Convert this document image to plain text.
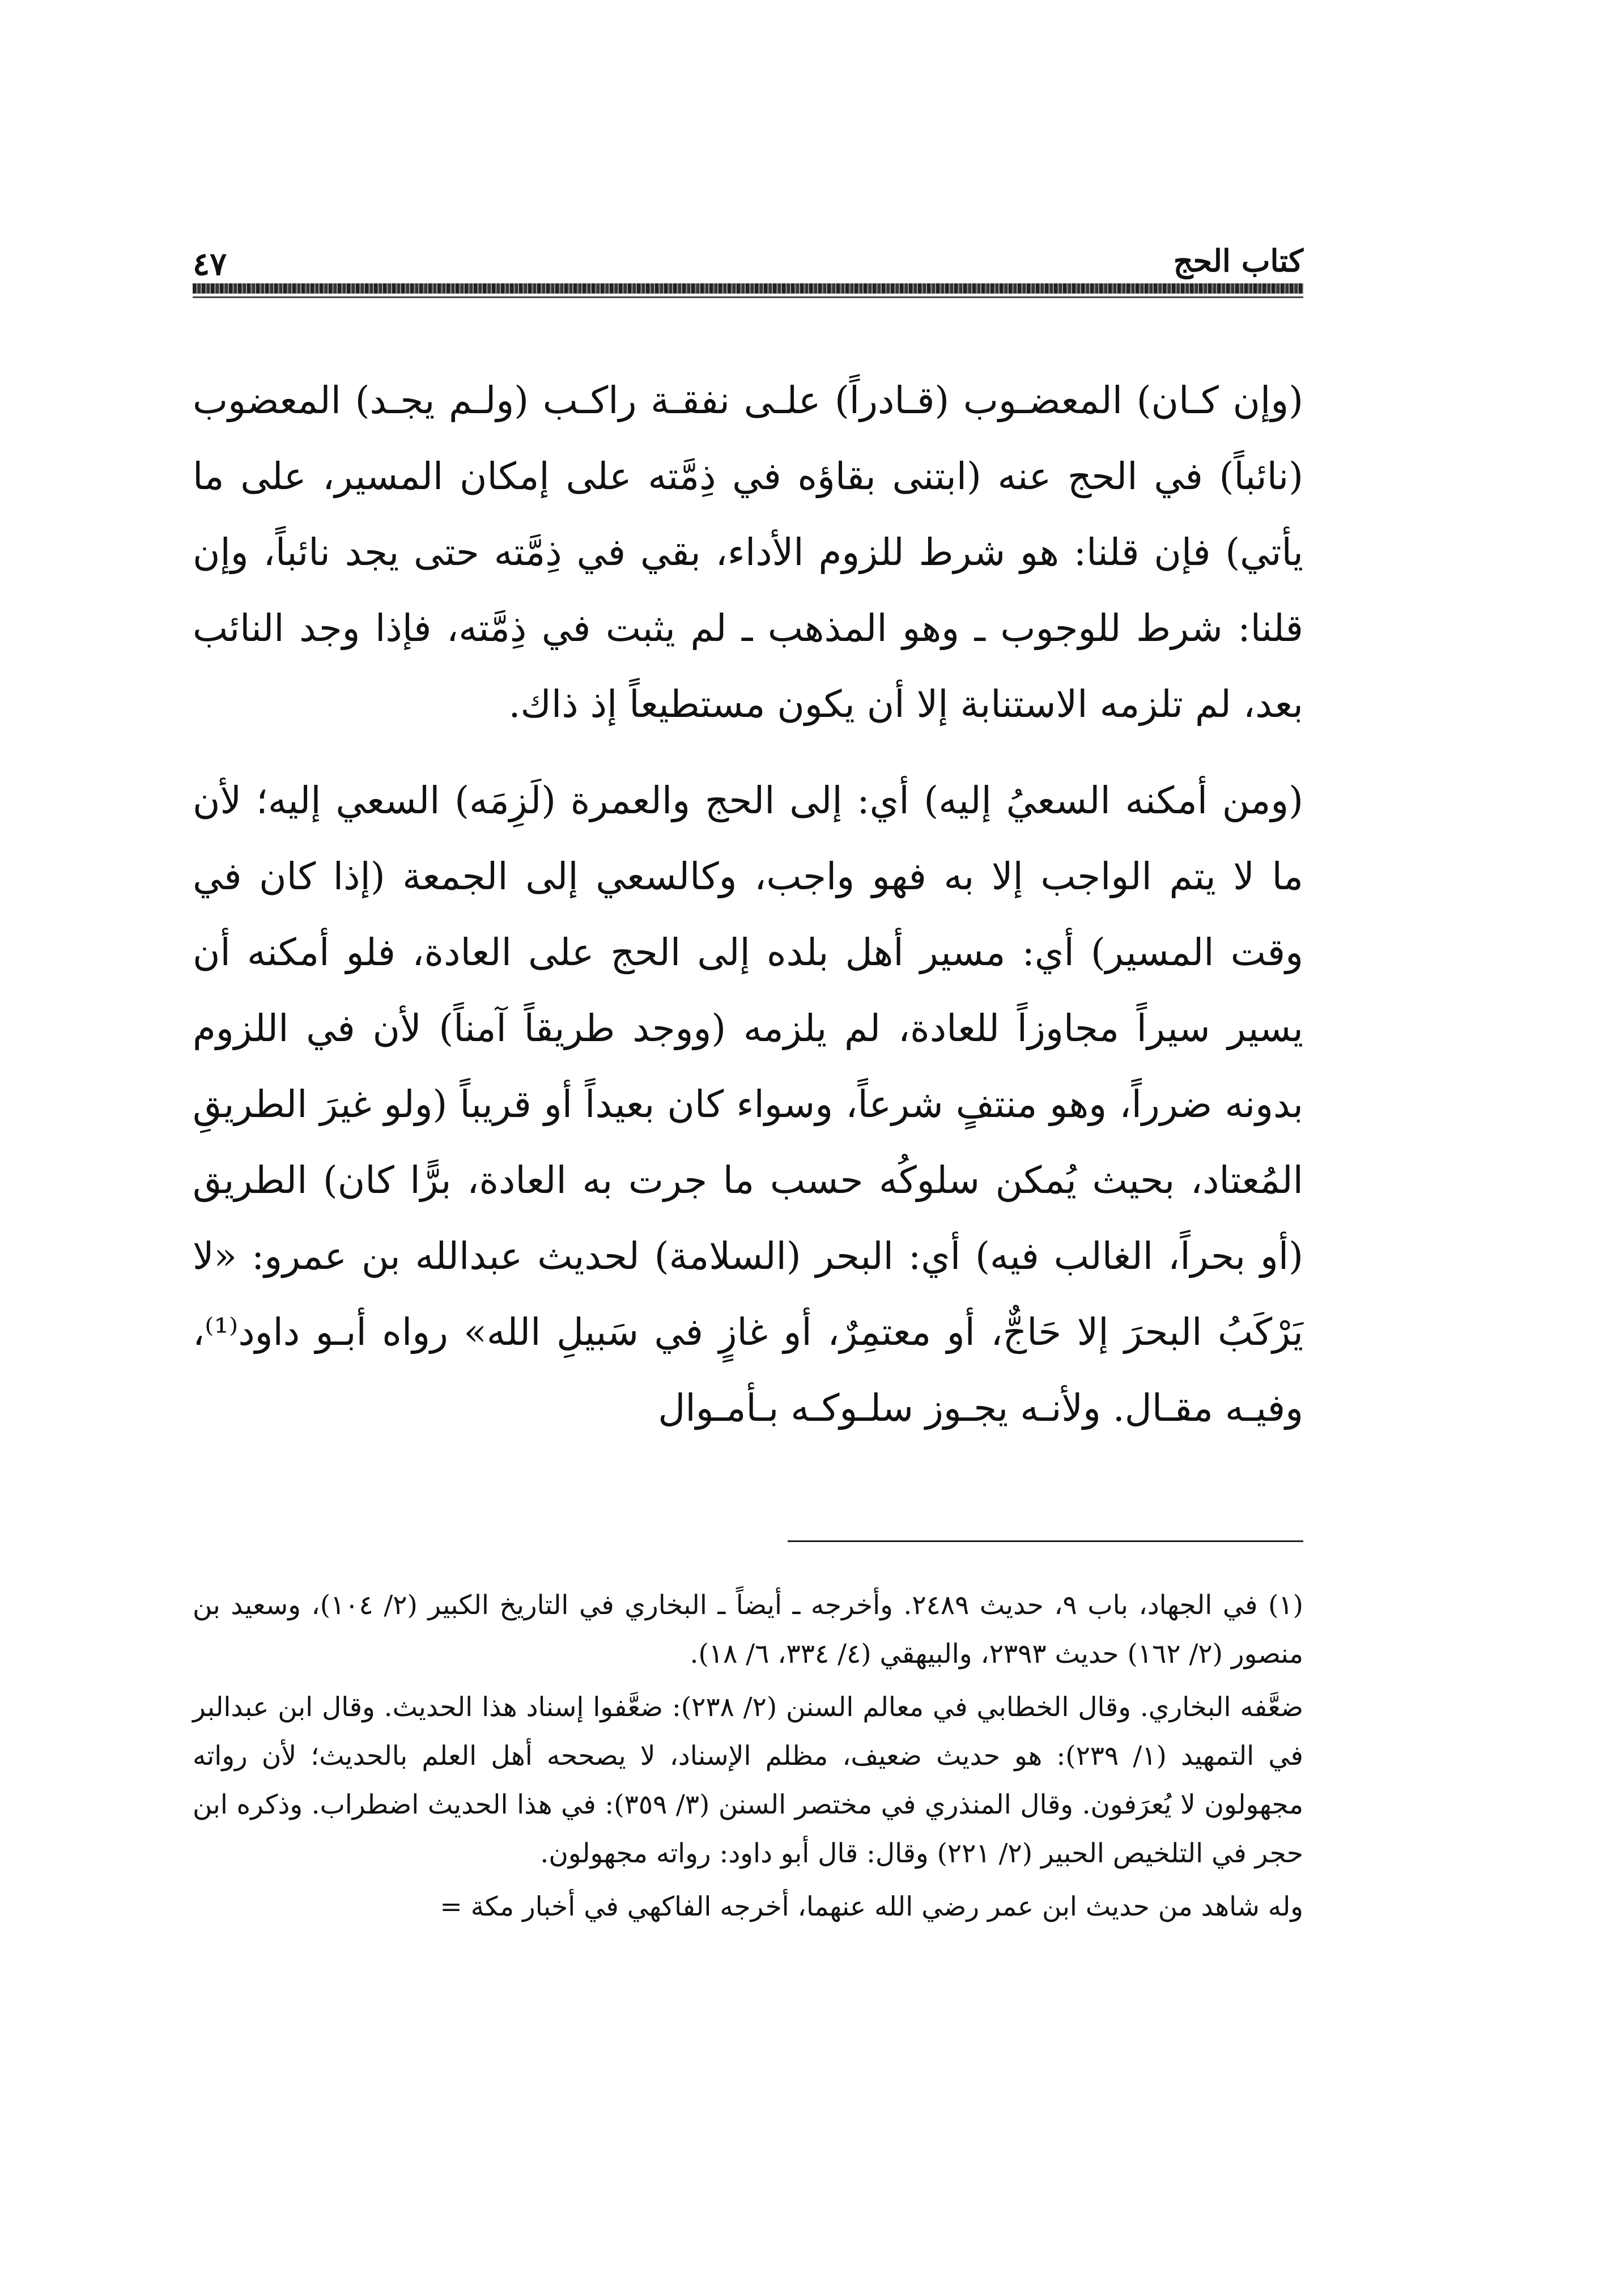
كتاب الحج
٤٧

(وإن كـان) المعضـوب (قـادراً) علـى نفقـة راكـب (ولـم يجـد) المعضوب (نائباً) في الحج عنه (ابتنى بقاؤه في ذِمَّته على إمكان المسير، على ما يأتي) فإن قلنا: هو شرط للزوم الأداء، بقي في ذِمَّته حتى يجد نائباً، وإن قلنا: شرط للوجوب ـ وهو المذهب ـ لم يثبت في ذِمَّته، فإذا وجد النائب بعد، لم تلزمه الاستنابة إلا أن يكون مستطيعاً إذ ذاك.

(ومن أمكنه السعيُ إليه) أي: إلى الحج والعمرة (لَزِمَه) السعي إليه؛ لأن ما لا يتم الواجب إلا به فهو واجب، وكالسعي إلى الجمعة (إذا كان في وقت المسير) أي: مسير أهل بلده إلى الحج على العادة، فلو أمكنه أن يسير سيراً مجاوزاً للعادة، لم يلزمه (ووجد طريقاً آمناً) لأن في اللزوم بدونه ضرراً، وهو منتفٍ شرعاً، وسواء كان بعيداً أو قريباً (ولو غيرَ الطريقِ المُعتاد، بحيث يُمكن سلوكُه حسب ما جرت به العادة، برًّا كان) الطريق (أو بحراً، الغالب فيه) أي: البحر (السلامة) لحديث عبدالله بن عمرو: «لا يَرْكَبُ البحرَ إلا حَاجٌّ، أو معتمِرٌ، أو غازٍ في سَبيلِ الله» رواه أبـو داود⁽¹⁾، وفيـه مقـال. ولأنـه يجـوز سلـوكـه بـأمـوال

(١) في الجهاد، باب ٩، حديث ٢٤٨٩. وأخرجه ـ أيضاً ـ البخاري في التاريخ الكبير (٢/ ١٠٤)، وسعيد بن منصور (٢/ ١٦٢) حديث ٢٣٩٣، والبيهقي (٤/ ٣٣٤، ٦/ ١٨).

ضعَّفه البخاري. وقال الخطابي في معالم السنن (٢/ ٢٣٨): ضعَّفوا إسناد هذا الحديث. وقال ابن عبدالبر في التمهيد (١/ ٢٣٩): هو حديث ضعيف، مظلم الإسناد، لا يصححه أهل العلم بالحديث؛ لأن رواته مجهولون لا يُعرَفون. وقال المنذري في مختصر السنن (٣/ ٣٥٩): في هذا الحديث اضطراب. وذكره ابن حجر في التلخيص الحبير (٢/ ٢٢١) وقال: قال أبو داود: رواته مجهولون.

وله شاهد من حديث ابن عمر رضي الله عنهما، أخرجه الفاكهي في أخبار مكة =
